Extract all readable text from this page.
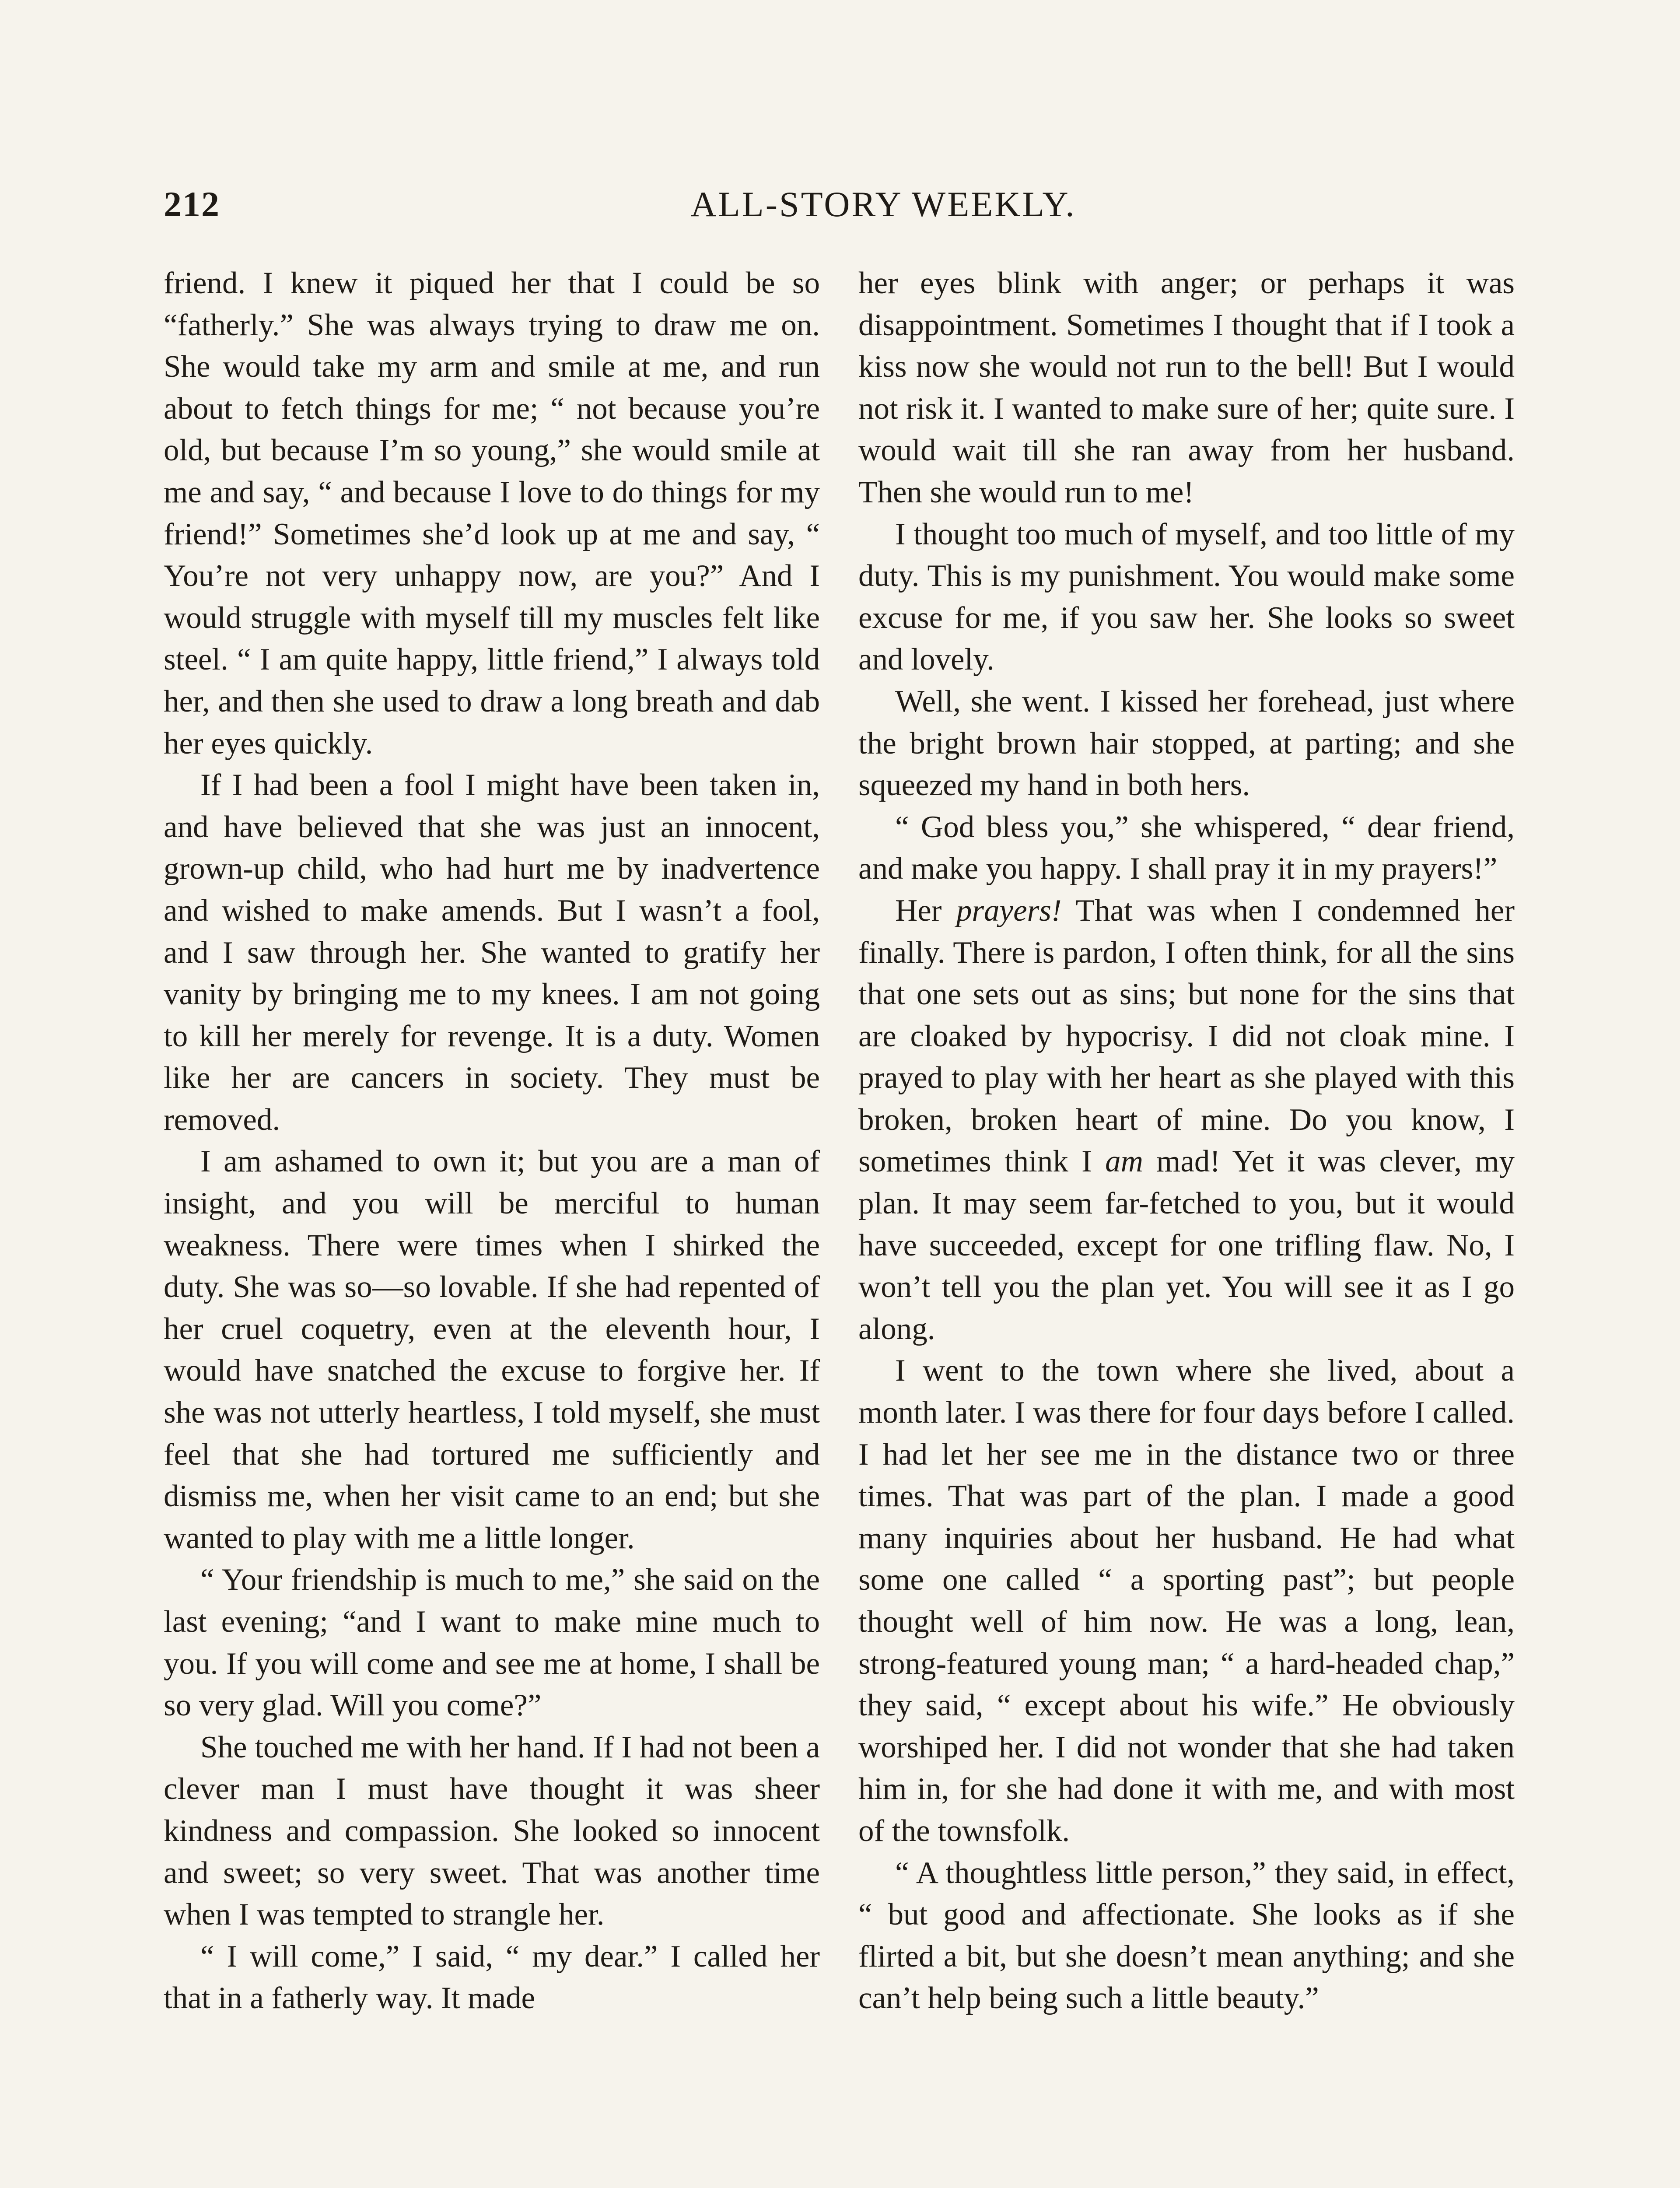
212	ALL-STORY WEEKLY.

friend. I knew it piqued her that I could be so “fatherly.” She was always trying to draw me on. She would take my arm and smile at me, and run about to fetch things for me; “ not because you’re old, but because I’m so young,” she would smile at me and say, “ and because I love to do things for my friend!” Sometimes she’d look up at me and say, “ You’re not very unhappy now, are you?” And I would struggle with myself till my muscles felt like steel. “ I am quite happy, little friend,” I always told her, and then she used to draw a long breath and dab her eyes quickly.

If I had been a fool I might have been taken in, and have believed that she was just an innocent, grown-up child, who had hurt me by inadvertence and wished to make amends. But I wasn’t a fool, and I saw through her. She wanted to gratify her vanity by bringing me to my knees. I am not going to kill her merely for revenge. It is a duty. Women like her are cancers in society. They must be removed.

I am ashamed to own it; but you are a man of insight, and you will be merciful to human weakness. There were times when I shirked the duty. She was so—so lovable. If she had repented of her cruel coquetry, even at the eleventh hour, I would have snatched the excuse to forgive her. If she was not utterly heartless, I told myself, she must feel that she had tortured me sufficiently and dismiss me, when her visit came to an end; but she wanted to play with me a little longer.

“ Your friendship is much to me,” she said on the last evening; “and I want to make mine much to you. If you will come and see me at home, I shall be so very glad. Will you come?”

She touched me with her hand. If I had not been a clever man I must have thought it was sheer kindness and compassion. She looked so innocent and sweet; so very sweet. That was another time when I was tempted to strangle her.

“ I will come,” I said, “ my dear.” I called her that in a fatherly way. It made

her eyes blink with anger; or perhaps it was disappointment. Sometimes I thought that if I took a kiss now she would not run to the bell! But I would not risk it. I wanted to make sure of her; quite sure. I would wait till she ran away from her husband. Then she would run to me!

I thought too much of myself, and too little of my duty. This is my punishment. You would make some excuse for me, if you saw her. She looks so sweet and lovely.

Well, she went. I kissed her forehead, just where the bright brown hair stopped, at parting; and she squeezed my hand in both hers.

“ God bless you,” she whispered, “ dear friend, and make you happy. I shall pray it in my prayers!”

Her prayers! That was when I condemned her finally. There is pardon, I often think, for all the sins that one sets out as sins; but none for the sins that are cloaked by hypocrisy. I did not cloak mine. I prayed to play with her heart as she played with this broken, broken heart of mine. Do you know, I sometimes think I am mad! Yet it was clever, my plan. It may seem far-fetched to you, but it would have succeeded, except for one trifling flaw. No, I won’t tell you the plan yet. You will see it as I go along.

I went to the town where she lived, about a month later. I was there for four days before I called. I had let her see me in the distance two or three times. That was part of the plan. I made a good many inquiries about her husband. He had what some one called “ a sporting past”; but people thought well of him now. He was a long, lean, strong-featured young man; “ a hard-headed chap,” they said, “ except about his wife.” He obviously worshiped her. I did not wonder that she had taken him in, for she had done it with me, and with most of the townsfolk.

“ A thoughtless little person,” they said, in effect, “ but good and affectionate. She looks as if she flirted a bit, but she doesn’t mean anything; and she can’t help being such a little beauty.”
